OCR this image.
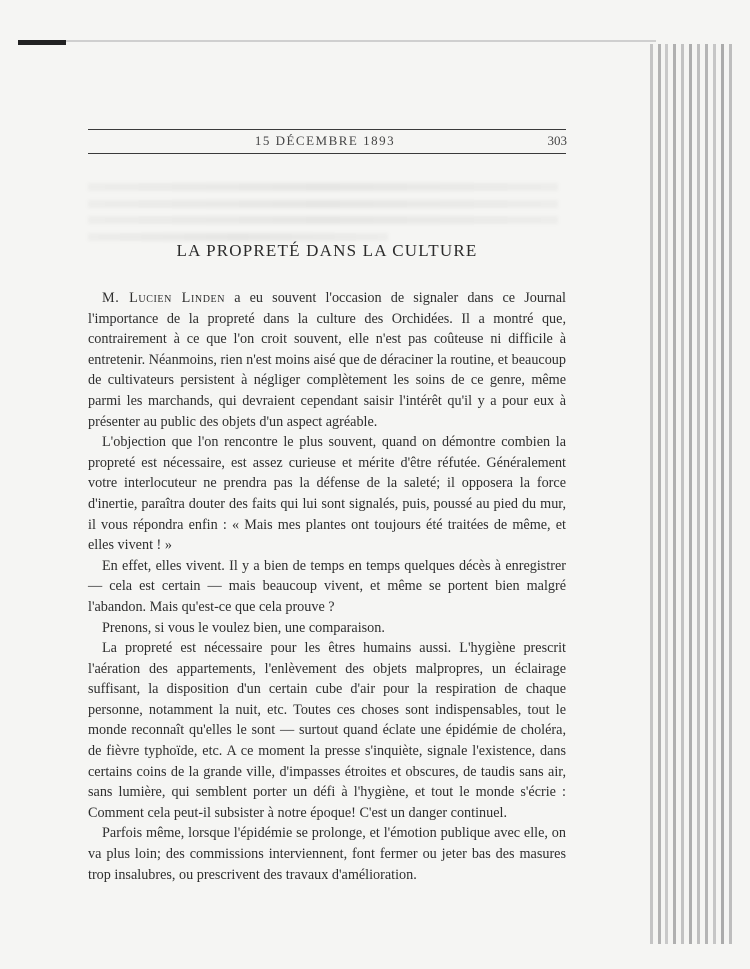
15 DÉCEMBRE 1893	303
LA PROPRETÉ DANS LA CULTURE

M. Lucien Linden a eu souvent l'occasion de signaler dans ce Journal l'importance de la propreté dans la culture des Orchidées. Il a montré que, contrairement à ce que l'on croit souvent, elle n'est pas coûteuse ni difficile à entretenir. Néanmoins, rien n'est moins aisé que de déraciner la routine, et beaucoup de cultivateurs persistent à négliger complètement les soins de ce genre, même parmi les marchands, qui devraient cependant saisir l'intérêt qu'il y a pour eux à présenter au public des objets d'un aspect agréable.

L'objection que l'on rencontre le plus souvent, quand on démontre combien la propreté est nécessaire, est assez curieuse et mérite d'être réfutée. Généralement votre interlocuteur ne prendra pas la défense de la saleté; il opposera la force d'inertie, paraîtra douter des faits qui lui sont signalés, puis, poussé au pied du mur, il vous répondra enfin : « Mais mes plantes ont toujours été traitées de même, et elles vivent ! »

En effet, elles vivent. Il y a bien de temps en temps quelques décès à enregistrer — cela est certain — mais beaucoup vivent, et même se portent bien malgré l'abandon. Mais qu'est-ce que cela prouve ?

Prenons, si vous le voulez bien, une comparaison.

La propreté est nécessaire pour les êtres humains aussi. L'hygiène prescrit l'aération des appartements, l'enlèvement des objets malpropres, un éclairage suffisant, la disposition d'un certain cube d'air pour la respiration de chaque personne, notamment la nuit, etc. Toutes ces choses sont indispensables, tout le monde reconnaît qu'elles le sont — surtout quand éclate une épidémie de choléra, de fièvre typhoïde, etc. A ce moment la presse s'inquiète, signale l'existence, dans certains coins de la grande ville, d'impasses étroites et obscures, de taudis sans air, sans lumière, qui semblent porter un défi à l'hygiène, et tout le monde s'écrie : Comment cela peut-il subsister à notre époque! C'est un danger continuel.

Parfois même, lorsque l'épidémie se prolonge, et l'émotion publique avec elle, on va plus loin; des commissions interviennent, font fermer ou jeter bas des masures trop insalubres, ou prescrivent des travaux d'amélioration.
